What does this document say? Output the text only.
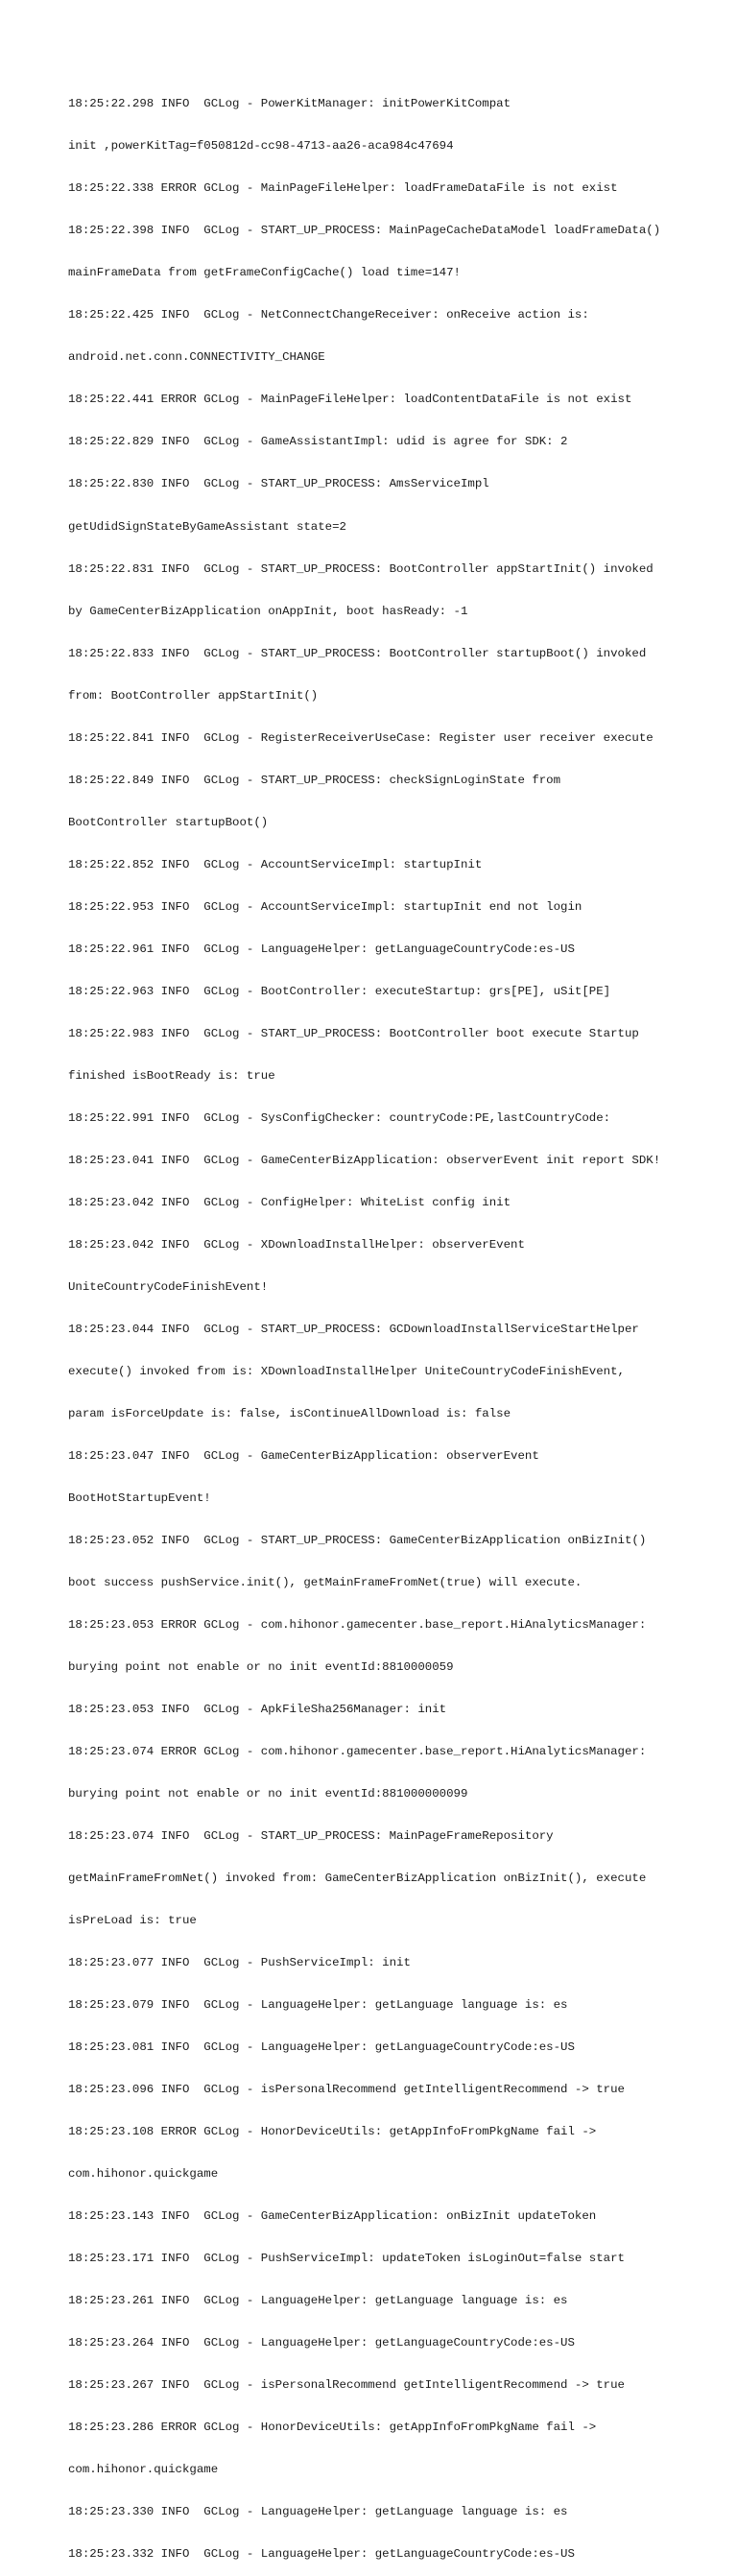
18:25:22.298 INFO  GCLog - PowerKitManager: initPowerKitCompat

init ,powerKitTag=f050812d-cc98-4713-aa26-aca984c47694

18:25:22.338 ERROR GCLog - MainPageFileHelper: loadFrameDataFile is not exist

18:25:22.398 INFO  GCLog - START_UP_PROCESS: MainPageCacheDataModel loadFrameData()

mainFrameData from getFrameConfigCache() load time=147!

18:25:22.425 INFO  GCLog - NetConnectChangeReceiver: onReceive action is:

android.net.conn.CONNECTIVITY_CHANGE

18:25:22.441 ERROR GCLog - MainPageFileHelper: loadContentDataFile is not exist

18:25:22.829 INFO  GCLog - GameAssistantImpl: udid is agree for SDK: 2

18:25:22.830 INFO  GCLog - START_UP_PROCESS: AmsServiceImpl

getUdidSignStateByGameAssistant state=2

18:25:22.831 INFO  GCLog - START_UP_PROCESS: BootController appStartInit() invoked

by GameCenterBizApplication onAppInit, boot hasReady: -1

18:25:22.833 INFO  GCLog - START_UP_PROCESS: BootController startupBoot() invoked

from: BootController appStartInit()

18:25:22.841 INFO  GCLog - RegisterReceiverUseCase: Register user receiver execute

18:25:22.849 INFO  GCLog - START_UP_PROCESS: checkSignLoginState from

BootController startupBoot()

18:25:22.852 INFO  GCLog - AccountServiceImpl: startupInit

18:25:22.953 INFO  GCLog - AccountServiceImpl: startupInit end not login

18:25:22.961 INFO  GCLog - LanguageHelper: getLanguageCountryCode:es-US

18:25:22.963 INFO  GCLog - BootController: executeStartup: grs[PE], uSit[PE]

18:25:22.983 INFO  GCLog - START_UP_PROCESS: BootController boot execute Startup

finished isBootReady is: true

18:25:22.991 INFO  GCLog - SysConfigChecker: countryCode:PE,lastCountryCode:

18:25:23.041 INFO  GCLog - GameCenterBizApplication: observerEvent init report SDK!

18:25:23.042 INFO  GCLog - ConfigHelper: WhiteList config init

18:25:23.042 INFO  GCLog - XDownloadInstallHelper: observerEvent

UniteCountryCodeFinishEvent!

18:25:23.044 INFO  GCLog - START_UP_PROCESS: GCDownloadInstallServiceStartHelper

execute() invoked from is: XDownloadInstallHelper UniteCountryCodeFinishEvent,

param isForceUpdate is: false, isContinueAllDownload is: false

18:25:23.047 INFO  GCLog - GameCenterBizApplication: observerEvent

BootHotStartupEvent!

18:25:23.052 INFO  GCLog - START_UP_PROCESS: GameCenterBizApplication onBizInit()

boot success pushService.init(), getMainFrameFromNet(true) will execute.

18:25:23.053 ERROR GCLog - com.hihonor.gamecenter.base_report.HiAnalyticsManager:

burying point not enable or no init eventId:8810000059

18:25:23.053 INFO  GCLog - ApkFileSha256Manager: init

18:25:23.074 ERROR GCLog - com.hihonor.gamecenter.base_report.HiAnalyticsManager:

burying point not enable or no init eventId:881000000099

18:25:23.074 INFO  GCLog - START_UP_PROCESS: MainPageFrameRepository

getMainFrameFromNet() invoked from: GameCenterBizApplication onBizInit(), execute

isPreLoad is: true

18:25:23.077 INFO  GCLog - PushServiceImpl: init

18:25:23.079 INFO  GCLog - LanguageHelper: getLanguage language is: es

18:25:23.081 INFO  GCLog - LanguageHelper: getLanguageCountryCode:es-US

18:25:23.096 INFO  GCLog - isPersonalRecommend getIntelligentRecommend -> true

18:25:23.108 ERROR GCLog - HonorDeviceUtils: getAppInfoFromPkgName fail ->

com.hihonor.quickgame

18:25:23.143 INFO  GCLog - GameCenterBizApplication: onBizInit updateToken

18:25:23.171 INFO  GCLog - PushServiceImpl: updateToken isLoginOut=false start

18:25:23.261 INFO  GCLog - LanguageHelper: getLanguage language is: es

18:25:23.264 INFO  GCLog - LanguageHelper: getLanguageCountryCode:es-US

18:25:23.267 INFO  GCLog - isPersonalRecommend getIntelligentRecommend -> true

18:25:23.286 ERROR GCLog - HonorDeviceUtils: getAppInfoFromPkgName fail ->

com.hihonor.quickgame

18:25:23.330 INFO  GCLog - LanguageHelper: getLanguage language is: es

18:25:23.332 INFO  GCLog - LanguageHelper: getLanguageCountryCode:es-US
